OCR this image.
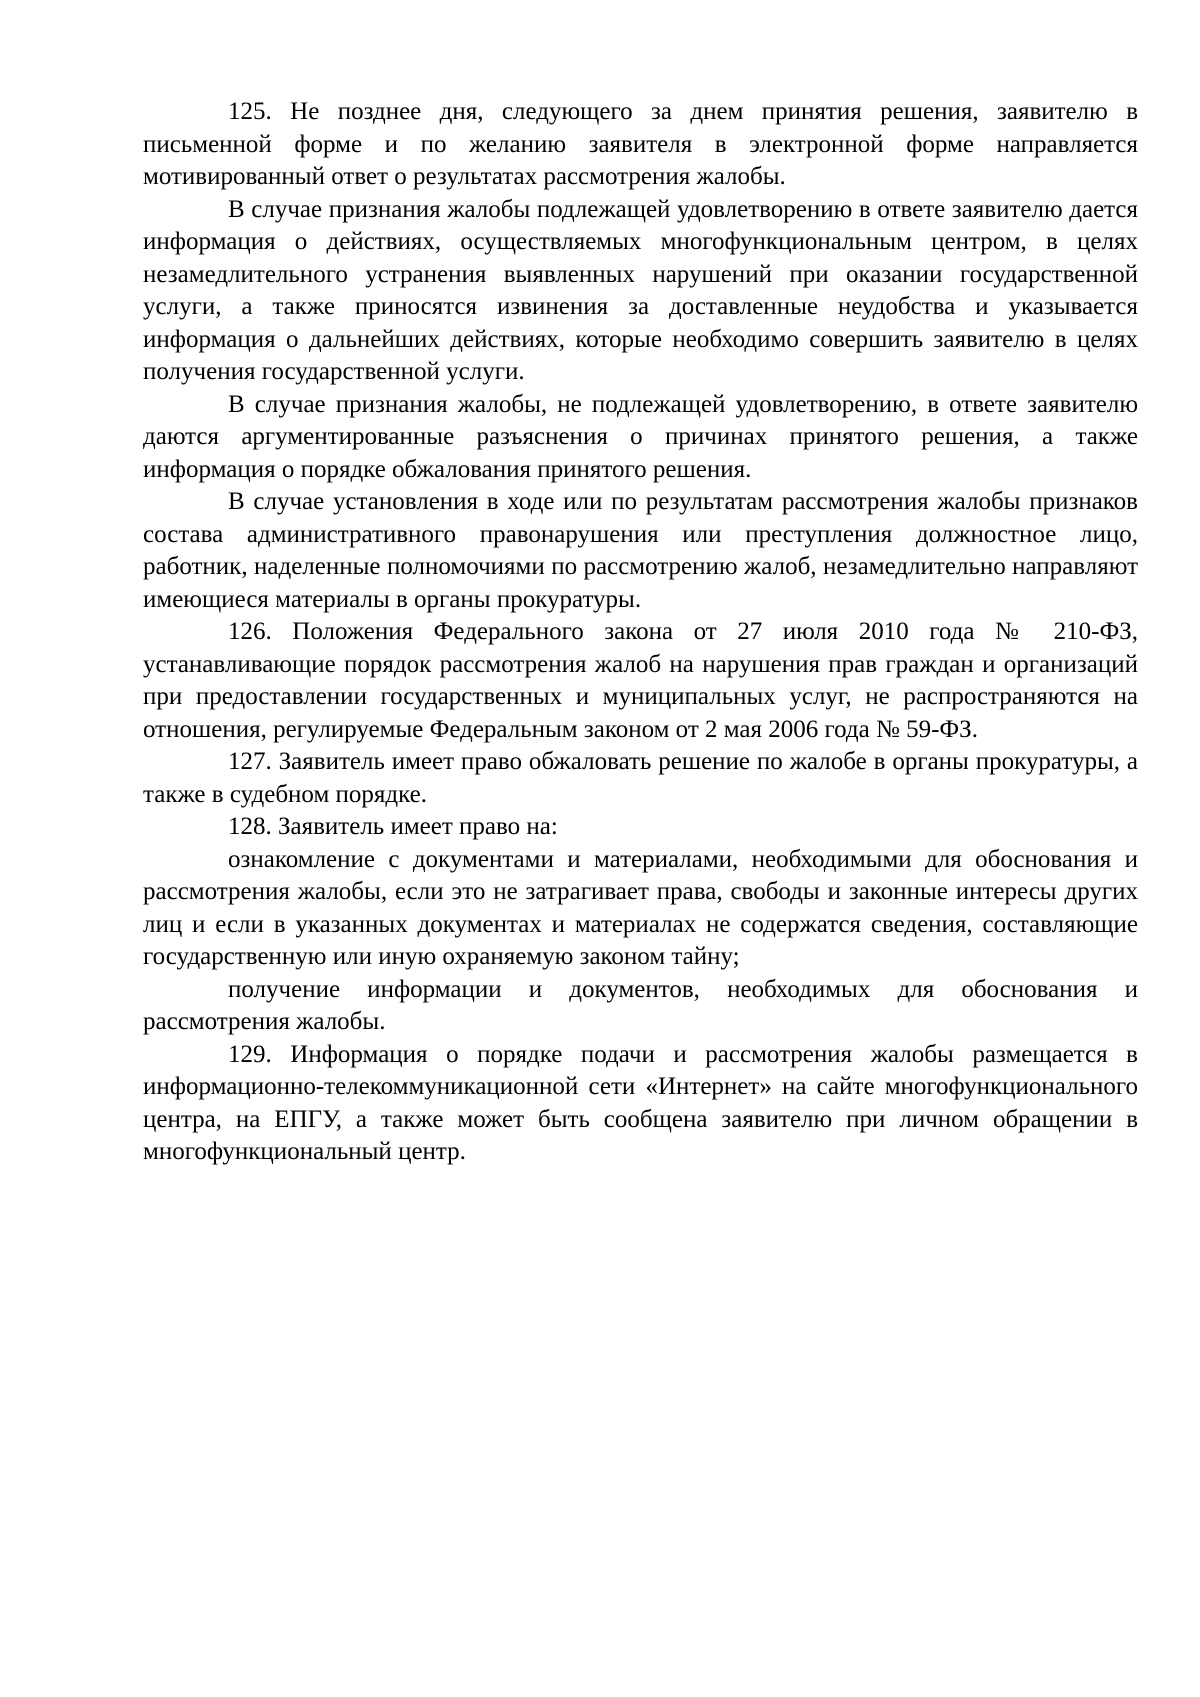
125. Не позднее дня, следующего за днем принятия решения, заявителю в письменной форме и по желанию заявителя в электронной форме направляется мотивированный ответ о результатах рассмотрения жалобы.

В случае признания жалобы подлежащей удовлетворению в ответе заявителю дается информация о действиях, осуществляемых многофункциональным центром, в целях незамедлительного устранения выявленных нарушений при оказании государственной услуги, а также приносятся извинения за доставленные неудобства и указывается информация о дальнейших действиях, которые необходимо совершить заявителю в целях получения государственной услуги.

В случае признания жалобы, не подлежащей удовлетворению, в ответе заявителю даются аргументированные разъяснения о причинах принятого решения, а также информация о порядке обжалования принятого решения.

В случае установления в ходе или по результатам рассмотрения жалобы признаков состава административного правонарушения или преступления должностное лицо, работник, наделенные полномочиями по рассмотрению жалоб, незамедлительно направляют имеющиеся материалы в органы прокуратуры.

126. Положения Федерального закона от 27 июля 2010 года № 210-ФЗ, устанавливающие порядок рассмотрения жалоб на нарушения прав граждан и организаций при предоставлении государственных и муниципальных услуг, не распространяются на отношения, регулируемые Федеральным законом от 2 мая 2006 года № 59-ФЗ.

127. Заявитель имеет право обжаловать решение по жалобе в органы прокуратуры, а также в судебном порядке.

128. Заявитель имеет право на:

ознакомление с документами и материалами, необходимыми для обоснования и рассмотрения жалобы, если это не затрагивает права, свободы и законные интересы других лиц и если в указанных документах и материалах не содержатся сведения, составляющие государственную или иную охраняемую законом тайну;

получение информации и документов, необходимых для обоснования и рассмотрения жалобы.

129. Информация о порядке подачи и рассмотрения жалобы размещается в информационно-телекоммуникационной сети «Интернет» на сайте многофункционального центра, на ЕПГУ, а также может быть сообщена заявителю при личном обращении в многофункциональный центр.
